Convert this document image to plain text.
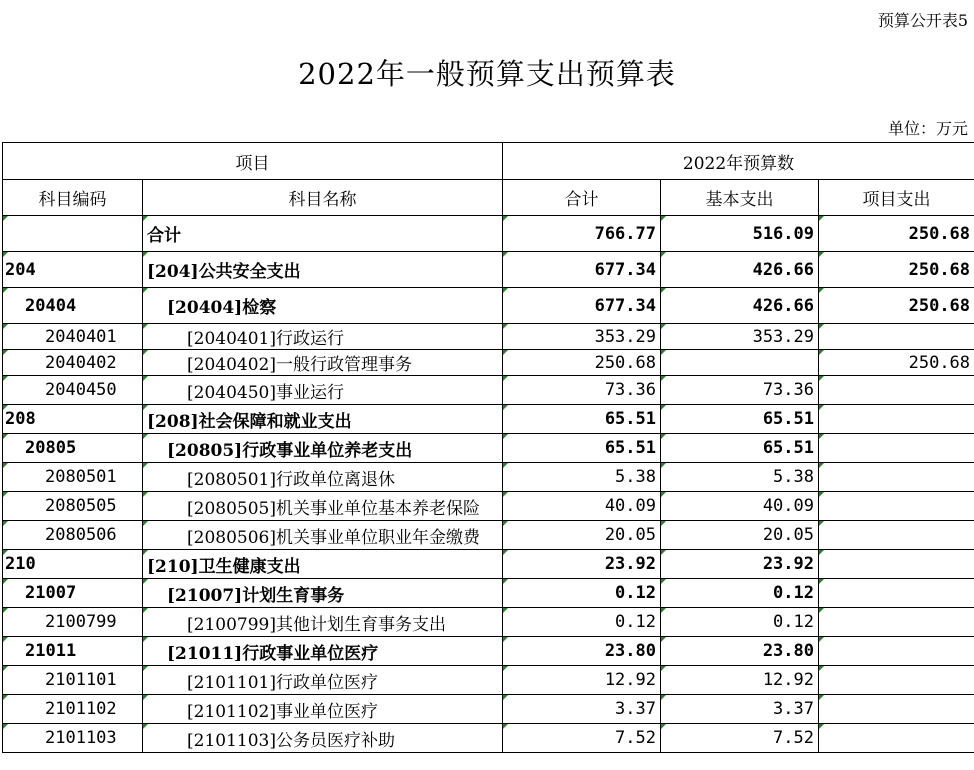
预算公开表5
2022年一般预算支出预算表
单位：万元
项目		2022年预算数		
科目编码	科目名称	合计	基本支出	项目支出
	合计	766.77	516.09	250.68
204	[204]公共安全支出	677.34	426.66	250.68
20404	[20404]检察	677.34	426.66	250.68
2040401	[2040401]行政运行	353.29	353.29	
2040402	[2040402]一般行政管理事务	250.68		250.68
2040450	[2040450]事业运行	73.36	73.36	
208	[208]社会保障和就业支出	65.51	65.51	
20805	[20805]行政事业单位养老支出	65.51	65.51	
2080501	[2080501]行政单位离退休	5.38	5.38	
2080505	[2080505]机关事业单位基本养老保险	40.09	40.09	
2080506	[2080506]机关事业单位职业年金缴费	20.05	20.05	
210	[210]卫生健康支出	23.92	23.92	
21007	[21007]计划生育事务	0.12	0.12	
2100799	[2100799]其他计划生育事务支出	0.12	0.12	
21011	[21011]行政事业单位医疗	23.80	23.80	
2101101	[2101101]行政单位医疗	12.92	12.92	
2101102	[2101102]事业单位医疗	3.37	3.37	
2101103	[2101103]公务员医疗补助	7.52	7.52	
